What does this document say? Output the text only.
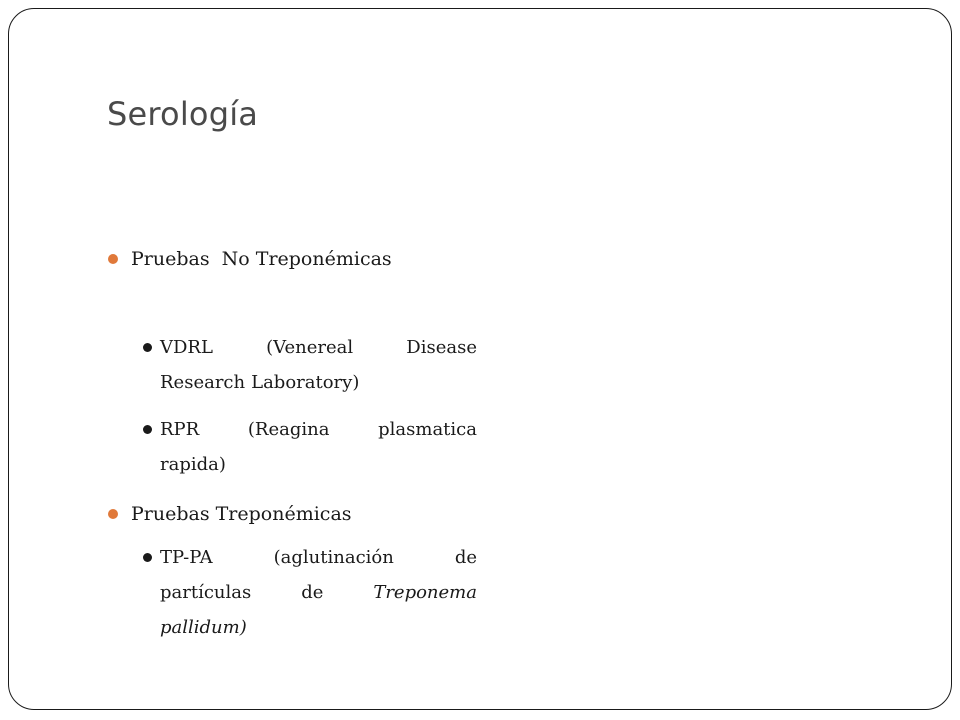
Serología
Pruebas  No Treponémicas
VDRL	(Venereal	Disease
Research Laboratory)
RPR	(Reagina	plasmatica
rapida)
Pruebas Treponémicas
TP-PA	(aglutinación	de
partículas	de	Treponema
pallidum)
